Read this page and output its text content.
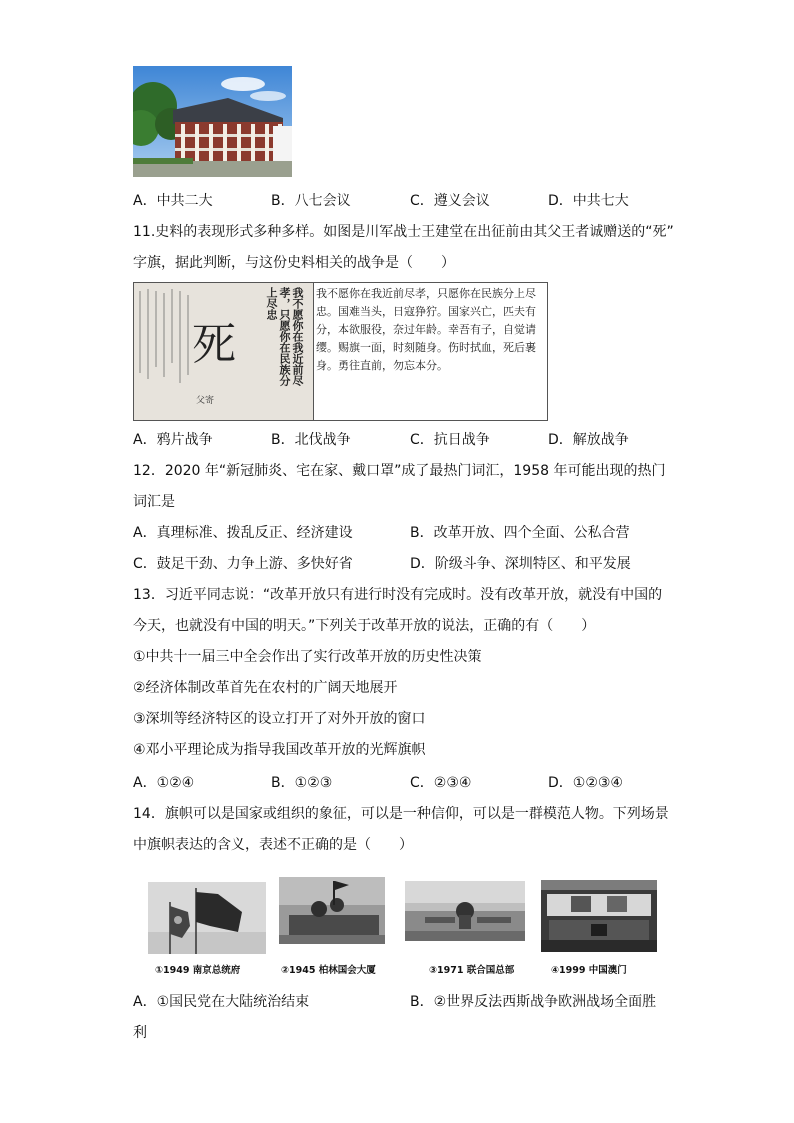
A．中共二大	B．八七会议	C．遵义会议	D．中共七大
11.史料的表现形式多种多样。如图是川军战士王建堂在出征前由其父王者诚赠送的“死”
字旗，据此判断，与这份史料相关的战争是（　　）
死	我不愿你在我近前尽孝，只愿你在民族分上尽忠
父寄
我不愿你在我近前尽孝，只愿你在民族分上尽忠。国难当头，日寇狰狞。国家兴亡，匹夫有分，本欲服役，奈过年龄。幸吾有子，自觉请缨。赐旗一面，时刻随身。伤时拭血，死后裹身。勇往直前，勿忘本分。
A．鸦片战争	B．北伐战争	C．抗日战争	D．解放战争
12．2020 年“新冠肺炎、宅在家、戴口罩”成了最热门词汇，1958 年可能出现的热门
词汇是
A．真理标准、拨乱反正、经济建设	B．改革开放、四个全面、公私合营
C．鼓足干劲、力争上游、多快好省	D．阶级斗争、深圳特区、和平发展
13．习近平同志说：“改革开放只有进行时没有完成时。没有改革开放，就没有中国的
今天，也就没有中国的明天。”下列关于改革开放的说法，正确的有（　　）
①中共十一届三中全会作出了实行改革开放的历史性决策
②经济体制改革首先在农村的广阔天地展开
③深圳等经济特区的设立打开了对外开放的窗口
④邓小平理论成为指导我国改革开放的光辉旗帜
A．①②④	B．①②③	C．②③④	D．①②③④
14．旗帜可以是国家或组织的象征，可以是一种信仰，可以是一群模范人物。下列场景
中旗帜表达的含义，表述不正确的是（　　）
①1949 南京总统府	②1945 柏林国会大厦	③1971 联合国总部	④1999 中国澳门
A．①国民党在大陆统治结束	B．②世界反法西斯战争欧洲战场全面胜
利
